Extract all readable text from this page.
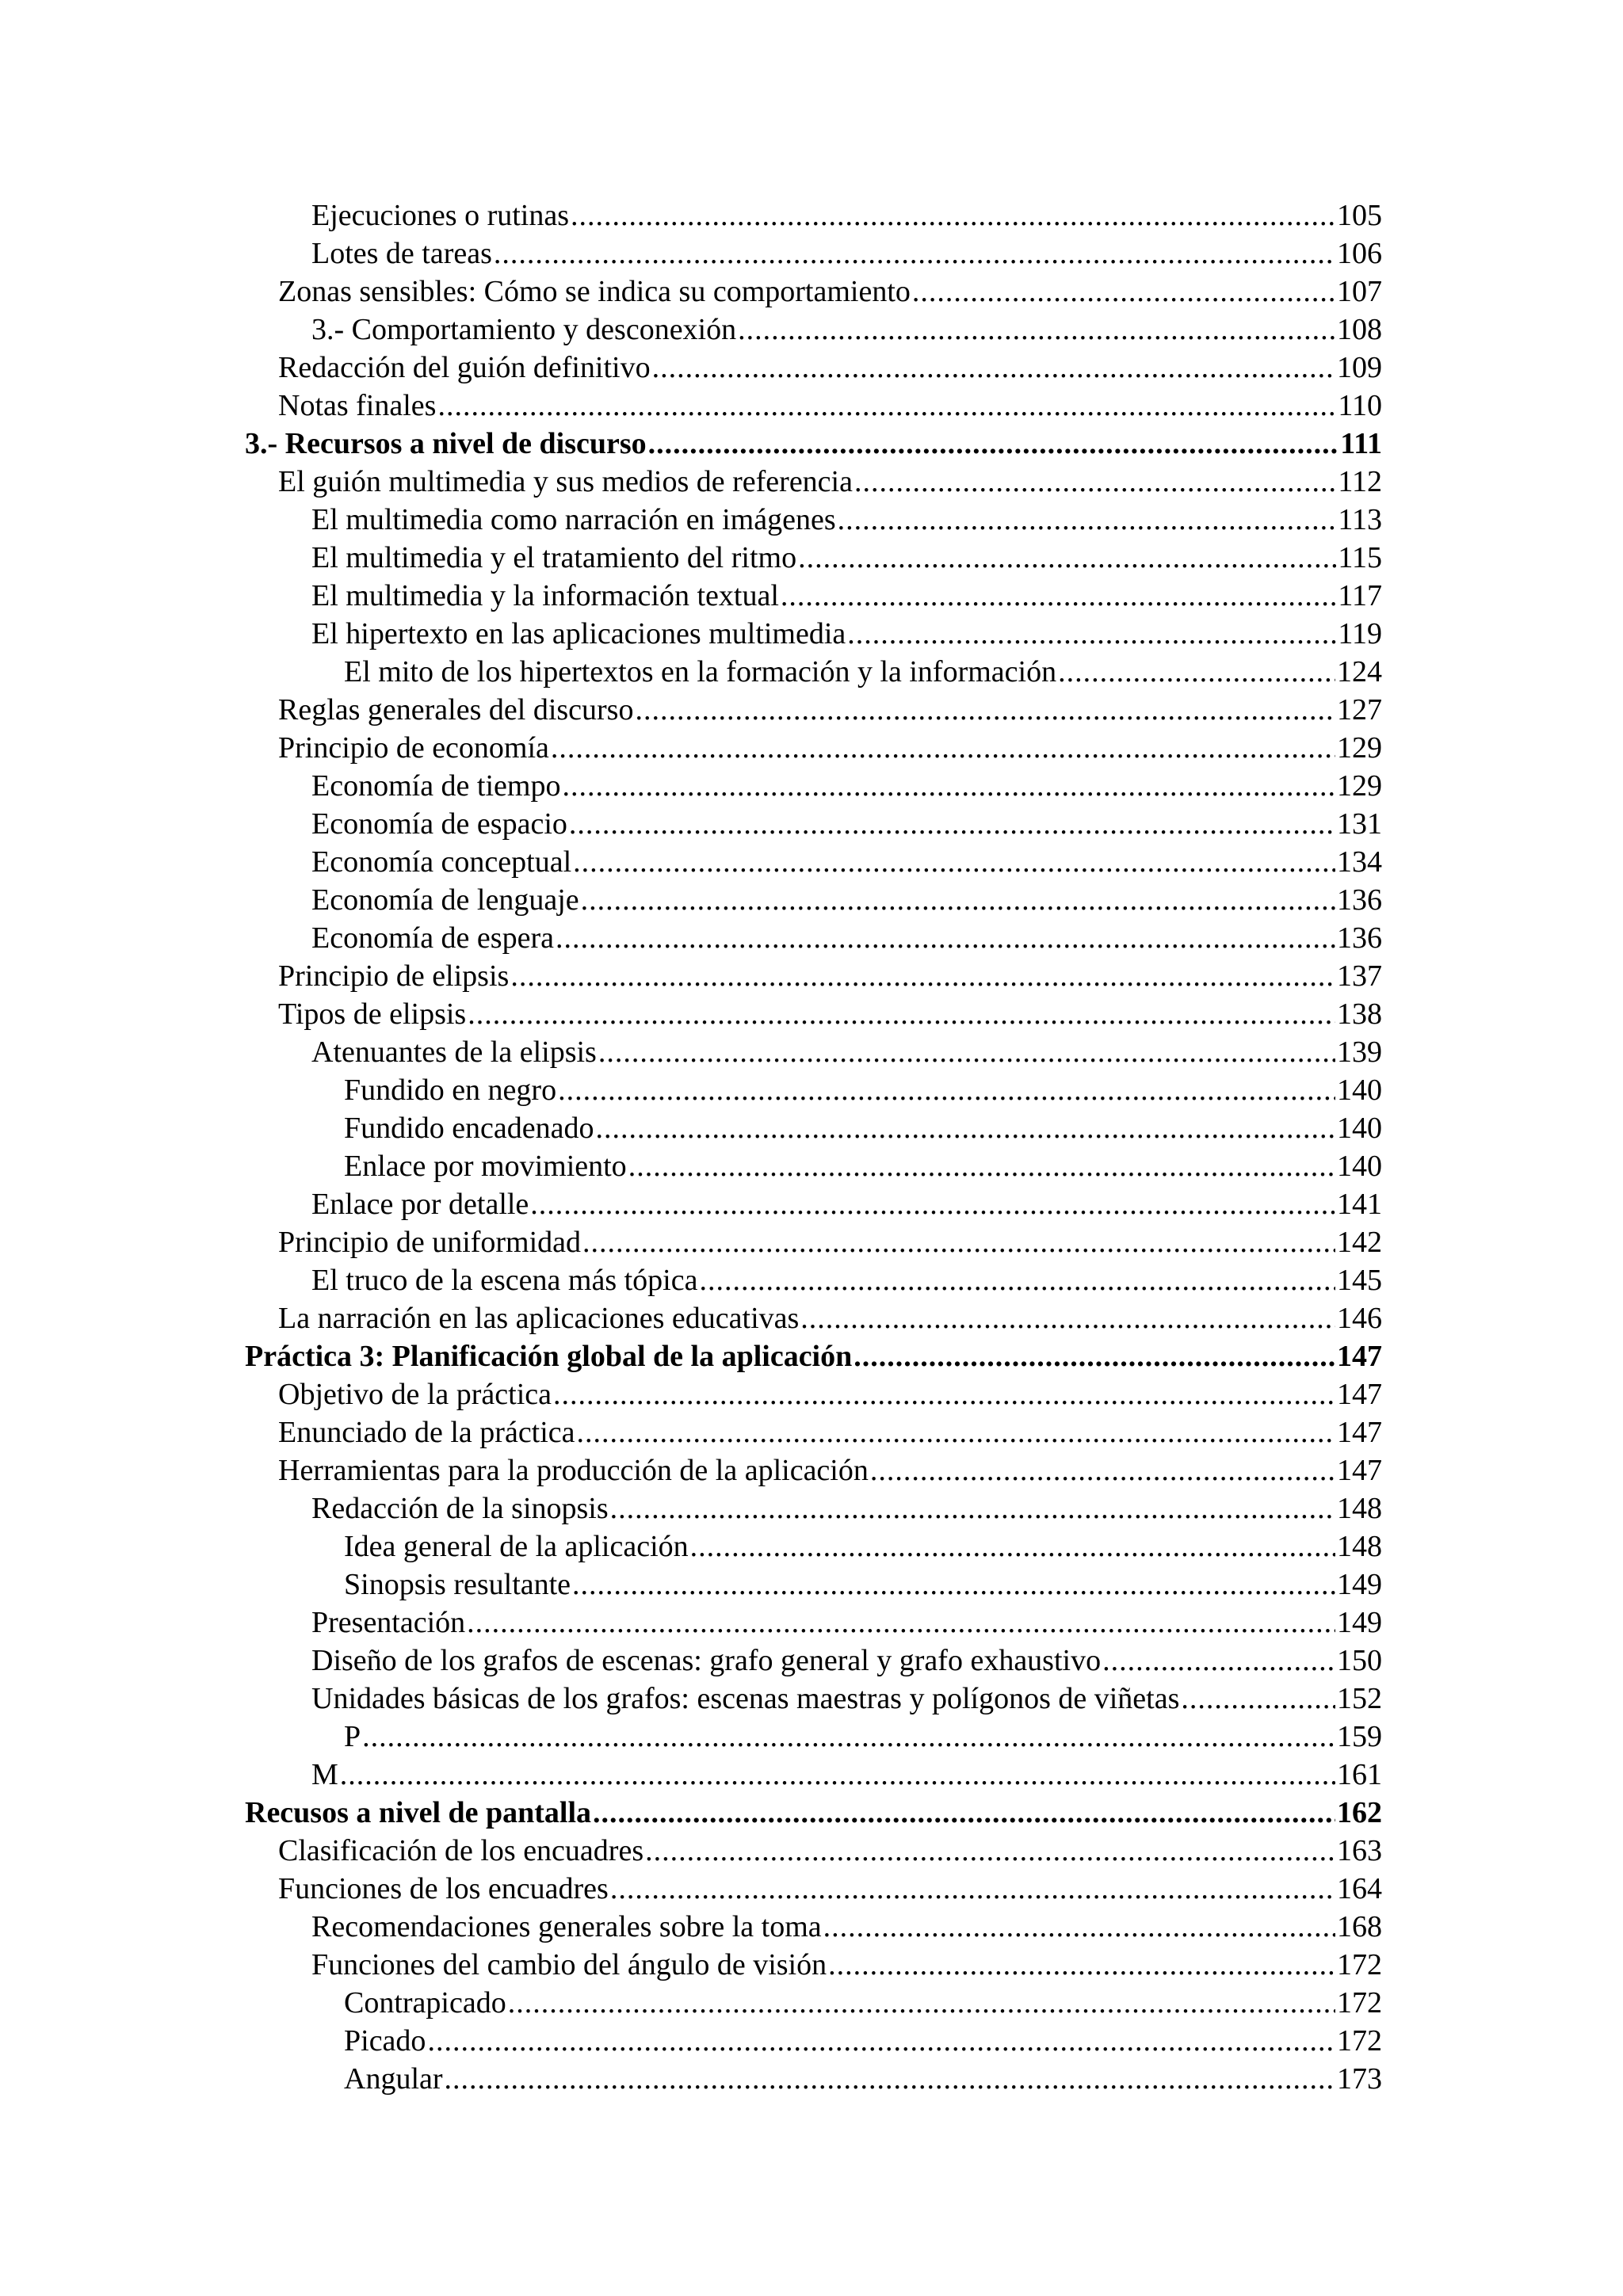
Ejecuciones o rutinas .....	105
Lotes de tareas .....	106
Zonas sensibles: Cómo se indica su comportamiento .....	107
3.- Comportamiento y desconexión .....	108
Redacción del guión definitivo .....	109
Notas finales .....	110
3.- Recursos a nivel de discurso .....	111
El guión multimedia y sus medios de referencia .....	112
El multimedia como narración en imágenes .....	113
El multimedia y el tratamiento del ritmo .....	115
El multimedia y la información textual .....	117
El hipertexto en las aplicaciones multimedia .....	119
El mito de los hipertextos en la formación y la información .....	124
Reglas generales del discurso .....	127
Principio de economía .....	129
Economía de tiempo .....	129
Economía de espacio .....	131
Economía conceptual .....	134
Economía de lenguaje .....	136
Economía de espera .....	136
Principio de elipsis .....	137
Tipos de elipsis .....	138
Atenuantes de la elipsis .....	139
Fundido en negro .....	140
Fundido encadenado .....	140
Enlace por movimiento .....	140
Enlace por detalle .....	141
Principio de uniformidad .....	142
El truco de la escena más tópica .....	145
La narración en las aplicaciones educativas .....	146
Práctica 3: Planificación global de la aplicación .....	147
Objetivo de la práctica .....	147
Enunciado de la práctica .....	147
Herramientas para la producción de la aplicación .....	147
Redacción de la sinopsis .....	148
Idea general de la aplicación .....	148
Sinopsis resultante .....	149
Presentación .....	149
Diseño de los grafos de escenas: grafo general y grafo exhaustivo .....	150
Unidades básicas de los grafos: escenas maestras y polígonos de viñetas .....	152
P .....	159
M .....	161
Recusos a nivel de pantalla .....	162
Clasificación de los encuadres .....	163
Funciones de los encuadres .....	164
Recomendaciones generales sobre la toma .....	168
Funciones del cambio del ángulo de visión .....	172
Contrapicado .....	172
Picado .....	172
Angular .....	173
